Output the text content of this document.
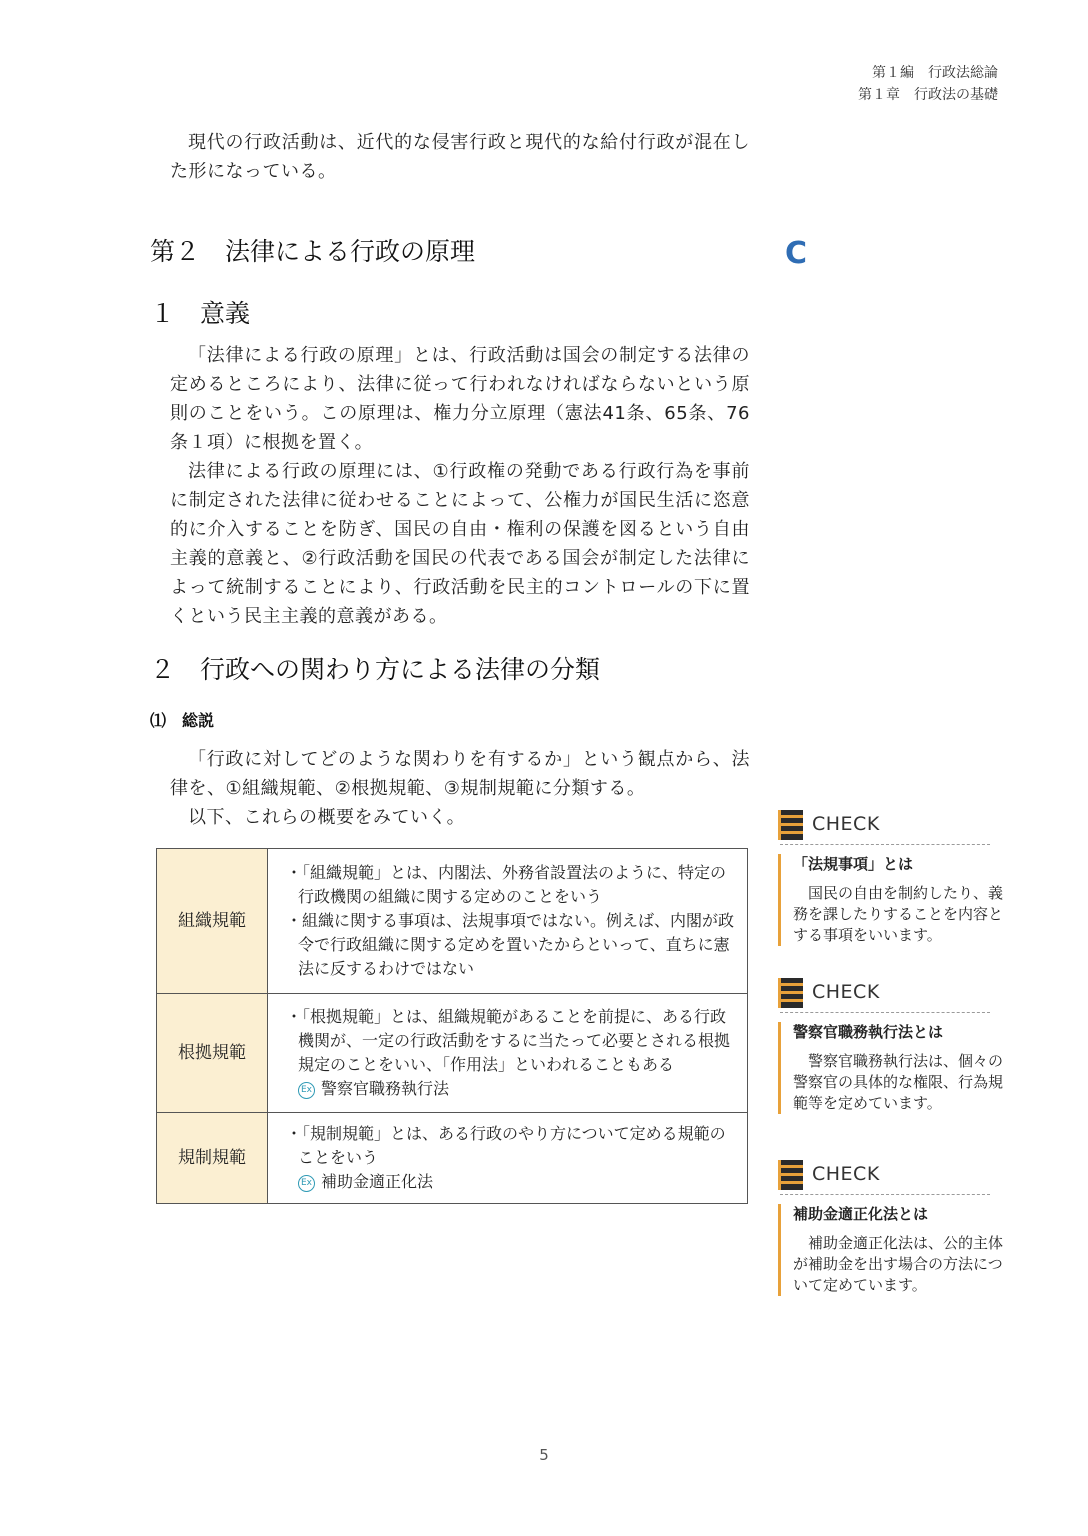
第１編　行政法総論
第１章　行政法の基礎

現代の行政活動は、近代的な侵害行政と現代的な給付行政が混在した形になっている。

第２　法律による行政の原理	C
１　意義

「法律による行政の原理」とは、行政活動は国会の制定する法律の定めるところにより、法律に従って行われなければならないという原則のことをいう。この原理は、権力分立原理（憲法41条、65条、76条１項）に根拠を置く。

法律による行政の原理には、①行政権の発動である行政行為を事前に制定された法律に従わせることによって、公権力が国民生活に恣意的に介入することを防ぎ、国民の自由・権利の保護を図るという自由主義的意義と、②行政活動を国民の代表である国会が制定した法律によって統制することにより、行政活動を民主的コントロールの下に置くという民主主義的意義がある。

２　行政への関わり方による法律の分類
⑴　総説

「行政に対してどのような関わりを有するか」という観点から、法律を、①組織規範、②根拠規範、③規制規範に分類する。

以下、これらの概要をみていく。

組織規範	・「組織規範」とは、内閣法、外務省設置法のように、特定の行政機関の組織に関する定めのことをいう
・組織に関する事項は、法規事項ではない。例えば、内閣が政令で行政組織に関する定めを置いたからといって、直ちに憲法に反するわけではない

根拠規範	・「根拠規範」とは、組織規範があることを前提に、ある行政機関が、一定の行政活動をするに当たって必要とされる根拠規定のことをいい、「作用法」といわれることもある
Ex 警察官職務執行法

規制規範	・「規制規範」とは、ある行政のやり方について定める規範のことをいう
Ex 補助金適正化法
CHECK
「法規事項」とは
国民の自由を制約したり、義務を課したりすることを内容とする事項をいいます。
CHECK
警察官職務執行法とは
警察官職務執行法は、個々の警察官の具体的な権限、行為規範等を定めています。
CHECK
補助金適正化法とは
補助金適正化法は、公的主体が補助金を出す場合の方法について定めています。
5
